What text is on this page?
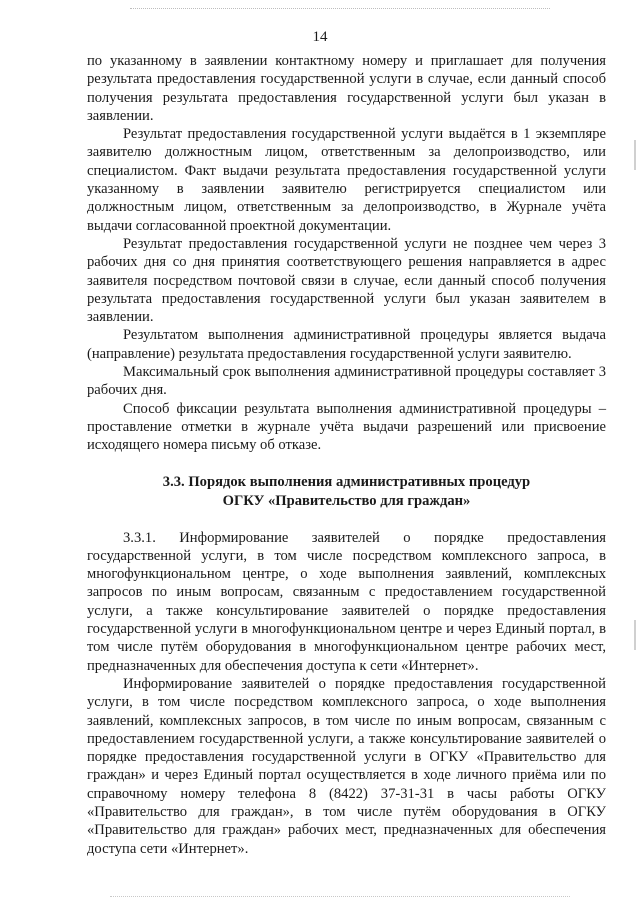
14

по указанному в заявлении контактному номеру и приглашает для получения результата предоставления государственной услуги в случае, если данный способ получения результата предоставления государственной услуги был указан в заявлении.

Результат предоставления государственной услуги выдаётся в 1 экземпляре заявителю должностным лицом, ответственным за делопроизводство, или специалистом. Факт выдачи результата предоставления государственной услуги указанному в заявлении заявителю регистрируется специалистом или должностным лицом, ответственным за делопроизводство, в Журнале учёта выдачи согласованной проектной документации.

Результат предоставления государственной услуги не позднее чем через 3 рабочих дня со дня принятия соответствующего решения направляется в адрес заявителя посредством почтовой связи в случае, если данный способ получения результата предоставления государственной услуги был указан заявителем в заявлении.

Результатом выполнения административной процедуры является выдача (направление) результата предоставления государственной услуги заявителю.

Максимальный срок выполнения административной процедуры составляет 3 рабочих дня.

Способ фиксации результата выполнения административной процедуры – проставление отметки в журнале учёта выдачи разрешений или присвоение исходящего номера письму об отказе.

3.3. Порядок выполнения административных процедур
ОГКУ «Правительство для граждан»

3.3.1. Информирование заявителей о порядке предоставления государственной услуги, в том числе посредством комплексного запроса, в многофункциональном центре, о ходе выполнения заявлений, комплексных запросов по иным вопросам, связанным с предоставлением государственной услуги, а также консультирование заявителей о порядке предоставления государственной услуги в многофункциональном центре и через Единый портал, в том числе путём оборудования в многофункциональном центре рабочих мест, предназначенных для обеспечения доступа к сети «Интернет».

Информирование заявителей о порядке предоставления государственной услуги, в том числе посредством комплексного запроса, о ходе выполнения заявлений, комплексных запросов, в том числе по иным вопросам, связанным с предоставлением государственной услуги, а также консультирование заявителей о порядке предоставления государственной услуги в ОГКУ «Правительство для граждан» и через Единый портал осуществляется в ходе личного приёма или по справочному номеру телефона 8 (8422) 37-31-31 в часы работы ОГКУ «Правительство для граждан», в том числе путём оборудования в ОГКУ «Правительство для граждан» рабочих мест, предназначенных для обеспечения доступа сети «Интернет».
